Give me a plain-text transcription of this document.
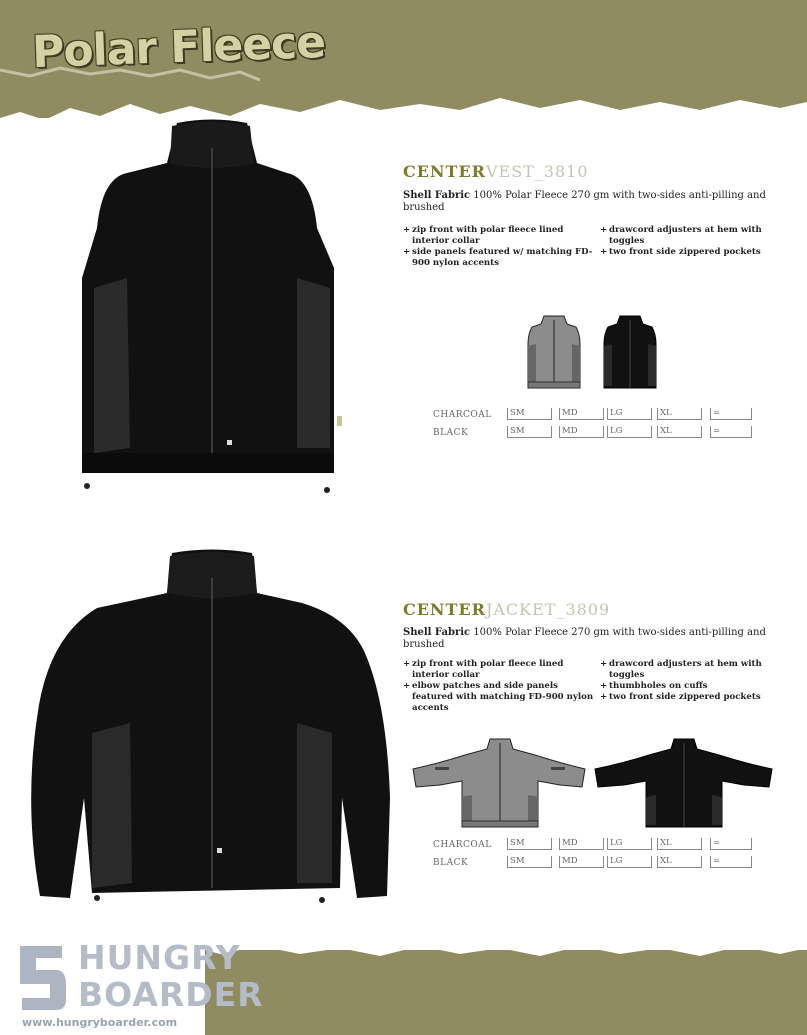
Polar Fleece
CENTERVEST_3810
Shell Fabric 100% Polar Fleece 270 gm with two-sides anti-pilling and brushed
+ zip front with polar fleece lined interior collar
+ side panels featured w/ matching FD-900 nylon accents
+ drawcord adjusters at hem with toggles
+ two front side zippered pockets
CHARCOAL	SM	MD	LG	XL	=
BLACK	SM	MD	LG	XL	=
CENTERJACKET_3809
Shell Fabric 100% Polar Fleece 270 gm with two-sides anti-pilling and brushed
+ zip front with polar fleece lined interior collar
+ elbow patches and side panels featured with matching FD-900 nylon accents
+ drawcord adjusters at hem with toggles
+ thumbholes on cuffs
+ two front side zippered pockets
CHARCOAL	SM	MD	LG	XL	=
BLACK	SM	MD	LG	XL	=
HUNGRY
BOARDER
www.hungryboarder.com
